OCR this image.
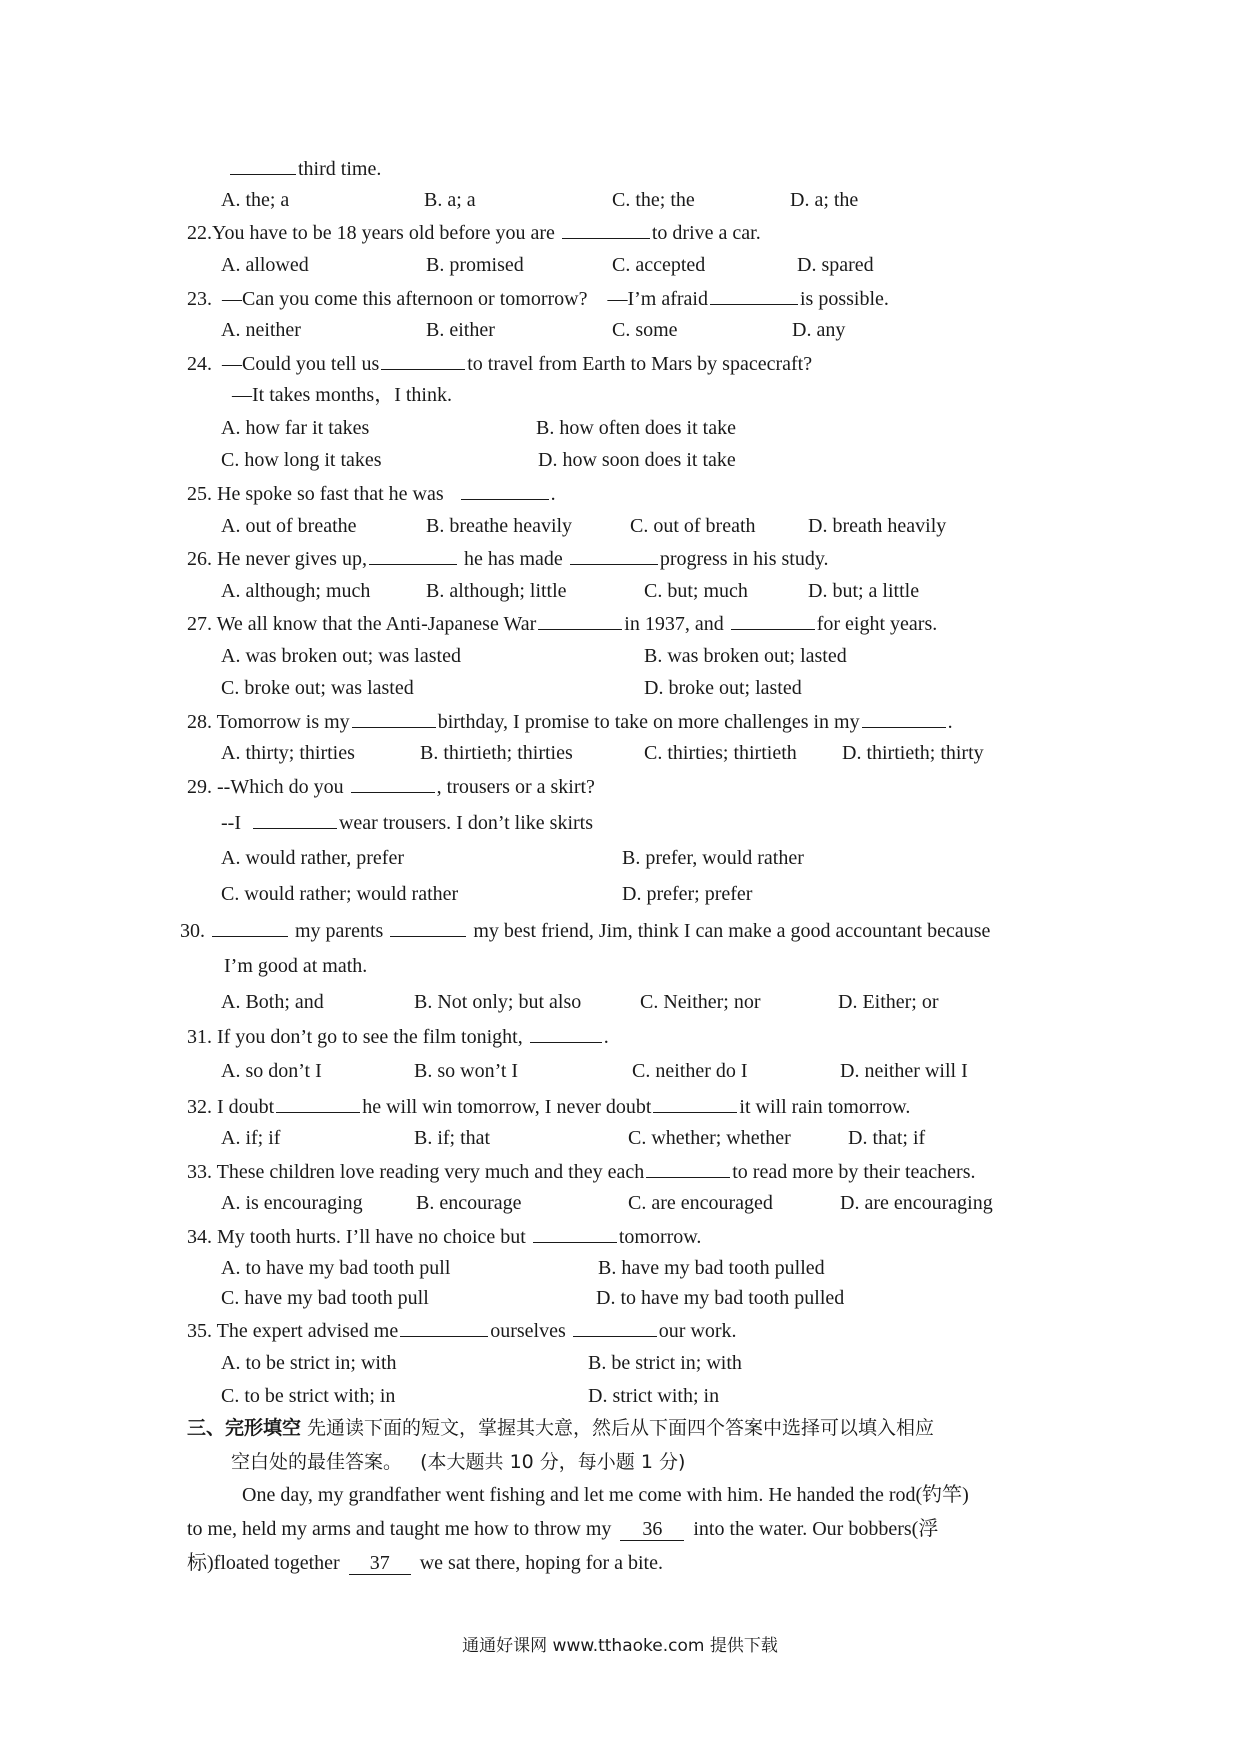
third time.
A. the; a	B. a; a	C. the; the	D. a; the
22.You have to be 18 years old before you are	to drive a car.
A. allowed	B. promised	C. accepted	D. spared
23.  —Can you come this afternoon or tomorrow?    —I’m afraid	is possible.
A. neither	B. either	C. some	D. any
24.  —Could you tell us	to travel from Earth to Mars by spacecraft?
—It takes months，I think.
A. how far it takes	B. how often does it take
C. how long it takes	D. how soon does it take
25. He spoke so fast that he was	.
A. out of breathe	B. breathe heavily	C. out of breath	D. breath heavily
26. He never gives up,	he has made	progress in his study.
A. although; much	B. although; little	C. but; much	D. but; a little
27. We all know that the Anti-Japanese War	in 1937, and	for eight years.
A. was broken out; was lasted	B. was broken out; lasted
C. broke out; was lasted	D. broke out; lasted
28. Tomorrow is my	birthday, I promise to take on more challenges in my	.
A. thirty; thirties	B. thirtieth; thirties	C. thirties; thirtieth D. thirtieth; thirty
29. --Which do you	, trousers or a skirt?
--I	wear trousers. I don’t like skirts
A. would rather, prefer	B. prefer, would rather
C. would rather; would rather	D. prefer; prefer
30.	my parents	my best friend, Jim, think I can make a good accountant because
I’m good at math.
A. Both; and	B. Not only; but also	C. Neither; nor	D. Either; or
31. If you don’t go to see the film tonight,	.
A. so don’t I	B. so won’t I	C. neither do I	D. neither will I
32. I doubt	he will win tomorrow, I never doubt	it will rain tomorrow.
A. if; if	B. if; that	C. whether; whether	D. that; if
33. These children love reading very much and they each	to read more by their teachers.
A. is encouraging	B. encourage	C. are encouraged	D. are encouraging
34. My tooth hurts. I’ll have no choice but	tomorrow.
A. to have my bad tooth pull	B. have my bad tooth pulled
C. have my bad tooth pull	D. to have my bad tooth pulled
35. The expert advised me	ourselves	our work.
A. to be strict in; with	B. be strict in; with
C. to be strict with; in	D. strict with; in
三、完形填空 先通读下面的短文，掌握其大意，然后从下面四个答案中选择可以填入相应
空白处的最佳答案。   (本大题共 10 分，每小题 1 分)
One day, my grandfather went fishing and let me come with him. He handed the rod(钓竿)
to me, held my arms and taught me how to throw my 36 into the water. Our bobbers(浮
标)floated together 37 we sat there, hoping for a bite.
通通好课网 www.tthaoke.com 提供下载
